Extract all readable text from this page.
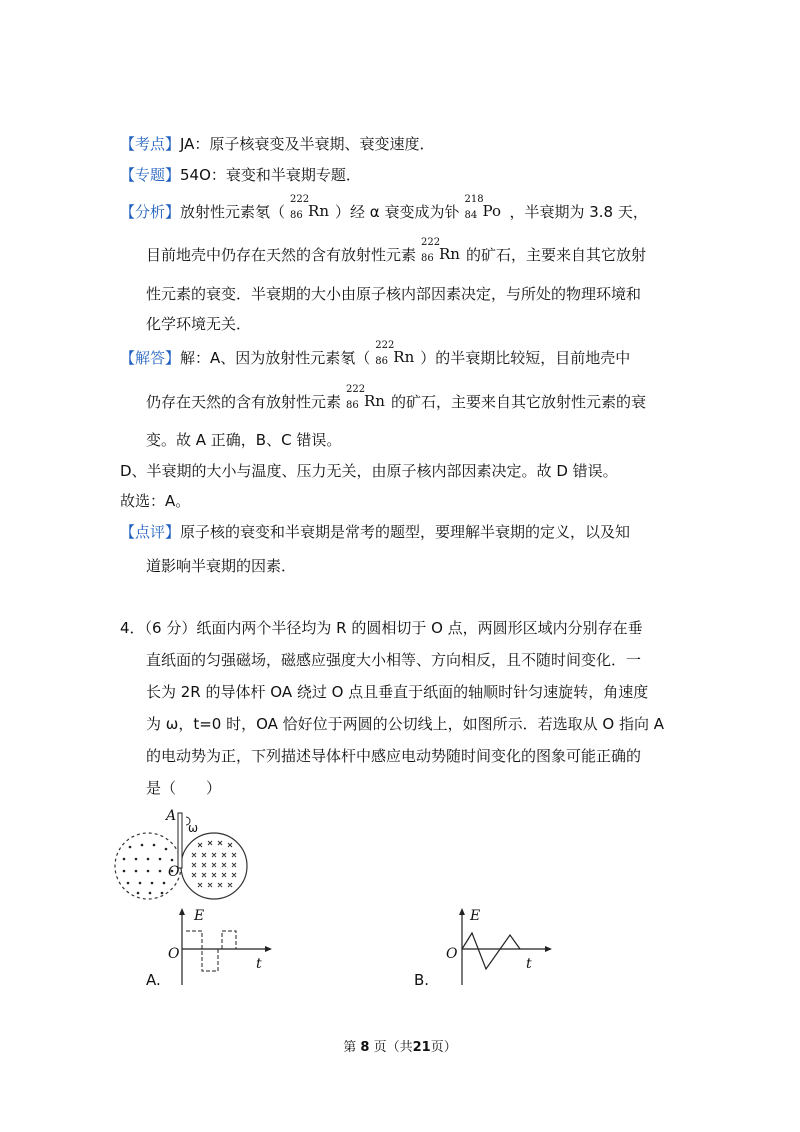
【考点】JA：原子核衰变及半衰期、衰变速度．
【专题】54O：衰变和半衰期专题．
【分析】放射性元素氡（
222
86 Rn ）经 α 衰变成为钋
218
84 Po ，半衰期为 3.8 天，
目前地壳中仍存在天然的含有放射性元素
222
86 Rn 的矿石，主要来自其它放射
性元素的衰变．半衰期的大小由原子核内部因素决定，与所处的物理环境和
化学环境无关．
【解答】解：A、因为放射性元素氡（
222
86 Rn ）的半衰期比较短，目前地壳中
仍存在天然的含有放射性元素
222
86 Rn 的矿石，主要来自其它放射性元素的衰
变。故 A 正确，B、C 错误。
D、半衰期的大小与温度、压力无关，由原子核内部因素决定。故 D 错误。
故选：A。
【点评】原子核的衰变和半衰期是常考的题型，要理解半衰期的定义，以及知
道影响半衰期的因素．
4．（6 分）纸面内两个半径均为 R 的圆相切于 O 点，两圆形区域内分别存在垂
直纸面的匀强磁场，磁感应强度大小相等、方向相反，且不随时间变化．一
长为 2R 的导体杆 OA 绕过 O 点且垂直于纸面的轴顺时针匀速旋转，角速度
为 ω，t=0 时，OA 恰好位于两圆的公切线上，如图所示．若选取从 O 指向 A
的电动势为正，下列描述导体杆中感应电动势随时间变化的图象可能正确的
是（　　）
A
ω
O
E
O
t
A.
E
O
t
B.
第 8 页（共21页）
